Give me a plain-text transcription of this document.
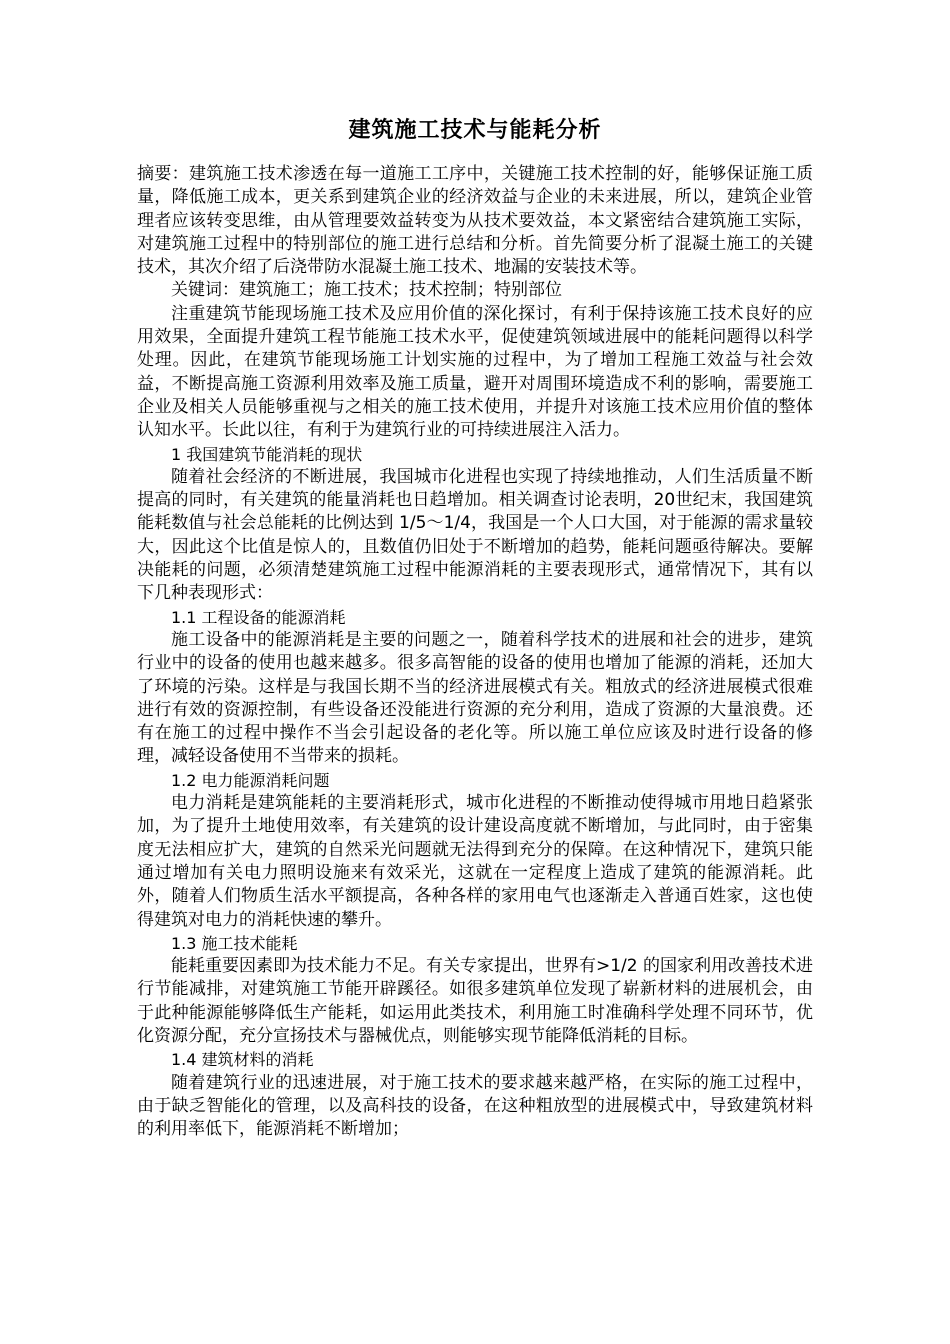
建筑施工技术与能耗分析

摘要：建筑施工技术渗透在每一道施工工序中，关键施工技术控制的好，能够保证施工质量，降低施工成本，更关系到建筑企业的经济效益与企业的未来进展，所以，建筑企业管理者应该转变思维，由从管理要效益转变为从技术要效益，本文紧密结合建筑施工实际，对建筑施工过程中的特别部位的施工进行总结和分析。首先简要分析了混凝土施工的关键技术，其次介绍了后浇带防水混凝土施工技术、地漏的安装技术等。

关键词：建筑施工；施工技术；技术控制；特别部位

注重建筑节能现场施工技术及应用价值的深化探讨，有利于保持该施工技术良好的应用效果，全面提升建筑工程节能施工技术水平，促使建筑领域进展中的能耗问题得以科学处理。因此，在建筑节能现场施工计划实施的过程中，为了增加工程施工效益与社会效益，不断提高施工资源利用效率及施工质量，避开对周围环境造成不利的影响，需要施工企业及相关人员能够重视与之相关的施工技术使用，并提升对该施工技术应用价值的整体认知水平。长此以往，有利于为建筑行业的可持续进展注入活力。

1 我国建筑节能消耗的现状

随着社会经济的不断进展，我国城市化进程也实现了持续地推动，人们生活质量不断提高的同时，有关建筑的能量消耗也日趋增加。相关调查讨论表明，20世纪末，我国建筑能耗数值与社会总能耗的比例达到 1/5～1/4，我国是一个人口大国，对于能源的需求量较大，因此这个比值是惊人的，且数值仍旧处于不断增加的趋势，能耗问题亟待解决。要解决能耗的问题，必须清楚建筑施工过程中能源消耗的主要表现形式，通常情况下，其有以下几种表现形式：

1.1 工程设备的能源消耗

施工设备中的能源消耗是主要的问题之一，随着科学技术的进展和社会的进步，建筑行业中的设备的使用也越来越多。很多高智能的设备的使用也增加了能源的消耗，还加大了环境的污染。这样是与我国长期不当的经济进展模式有关。粗放式的经济进展模式很难进行有效的资源控制，有些设备还没能进行资源的充分利用，造成了资源的大量浪费。还有在施工的过程中操作不当会引起设备的老化等。所以施工单位应该及时进行设备的修理，减轻设备使用不当带来的损耗。

1.2 电力能源消耗问题

电力消耗是建筑能耗的主要消耗形式，城市化进程的不断推动使得城市用地日趋紧张加，为了提升土地使用效率，有关建筑的设计建设高度就不断增加，与此同时，由于密集度无法相应扩大，建筑的自然采光问题就无法得到充分的保障。在这种情况下，建筑只能通过增加有关电力照明设施来有效采光，这就在一定程度上造成了建筑的能源消耗。此外，随着人们物质生活水平额提高，各种各样的家用电气也逐渐走入普通百姓家，这也使得建筑对电力的消耗快速的攀升。

1.3 施工技术能耗

能耗重要因素即为技术能力不足。有关专家提出，世界有>1/2 的国家利用改善技术进行节能减排，对建筑施工节能开辟蹊径。如很多建筑单位发现了崭新材料的进展机会，由于此种能源能够降低生产能耗，如运用此类技术，利用施工时准确科学处理不同环节，优化资源分配，充分宣扬技术与器械优点，则能够实现节能降低消耗的目标。

1.4 建筑材料的消耗

随着建筑行业的迅速进展，对于施工技术的要求越来越严格，在实际的施工过程中，由于缺乏智能化的管理，以及高科技的设备，在这种粗放型的进展模式中，导致建筑材料的利用率低下，能源消耗不断增加；
